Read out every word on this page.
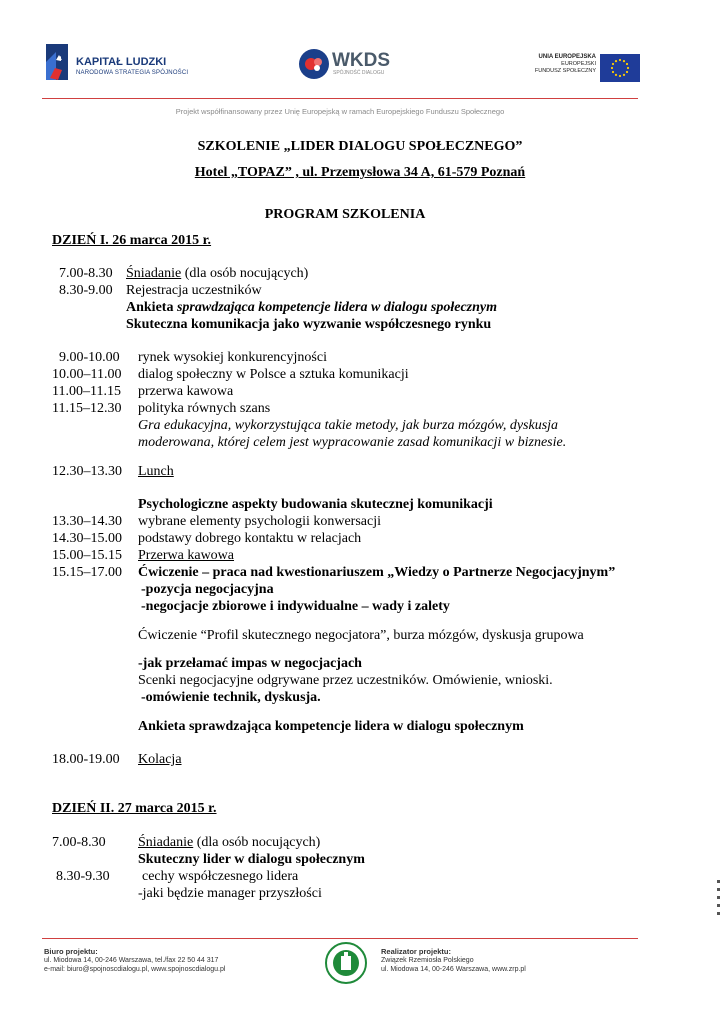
KAPITAŁ LUDZKI
NARODOWA STRATEGIA SPÓJNOŚCI
WKDS
SPÓJNOŚĆ DIALOGU
UNIA EUROPEJSKA
EUROPEJSKI
FUNDUSZ SPOŁECZNY
Projekt współfinansowany przez Unię Europejską w ramach Europejskiego Funduszu Społecznego
SZKOLENIE „LIDER DIALOGU SPOŁECZNEGO”
Hotel „TOPAZ” , ul. Przemysłowa 34 A, 61-579 Poznań
PROGRAM SZKOLENIA
DZIEŃ I. 26 marca 2015 r.
7.00-8.30 Śniadanie (dla osób nocujących)
8.30-9.00 Rejestracja uczestników
Ankieta sprawdzająca kompetencje lidera w dialogu społecznym
Skuteczna komunikacja jako wyzwanie współczesnego rynku
9.00-10.00 rynek wysokiej konkurencyjności
10.00–11.00 dialog społeczny w Polsce a sztuka komunikacji
11.00–11.15 przerwa kawowa
11.15–12.30 polityka równych szans
Gra edukacyjna, wykorzystująca takie metody, jak burza mózgów, dyskusja
moderowana, której celem jest wypracowanie zasad komunikacji w biznesie.
12.30–13.30 Lunch
Psychologiczne aspekty budowania skutecznej komunikacji
13.30–14.30 wybrane elementy psychologii konwersacji
14.30–15.00 podstawy dobrego kontaktu w relacjach
15.00–15.15 Przerwa kawowa
15.15–17.00 Ćwiczenie – praca nad kwestionariuszem „Wiedzy o Partnerze Negocjacyjnym”
-pozycja negocjacyjna
-negocjacje zbiorowe i indywidualne – wady i zalety
Ćwiczenie “Profil skutecznego negocjatora”, burza mózgów, dyskusja grupowa
-jak przełamać impas w negocjacjach
Scenki negocjacyjne odgrywane przez uczestników. Omówienie, wnioski.
-omówienie technik, dyskusja.
Ankieta sprawdzająca kompetencje lidera w dialogu społecznym
18.00-19.00 Kolacja
DZIEŃ II. 27 marca 2015 r.
7.00-8.30 Śniadanie (dla osób nocujących)
Skuteczny lider w dialogu społecznym
8.30-9.30 cechy współczesnego lidera
-jaki będzie manager przyszłości
Biuro projektu:
ul. Miodowa 14, 00-246 Warszawa, tel./fax 22 50 44 317
e-mail: biuro@spojnoscdialogu.pl, www.spojnoscdialogu.pl
Realizator projektu:
Związek Rzemiosła Polskiego
ul. Miodowa 14, 00-246 Warszawa, www.zrp.pl
